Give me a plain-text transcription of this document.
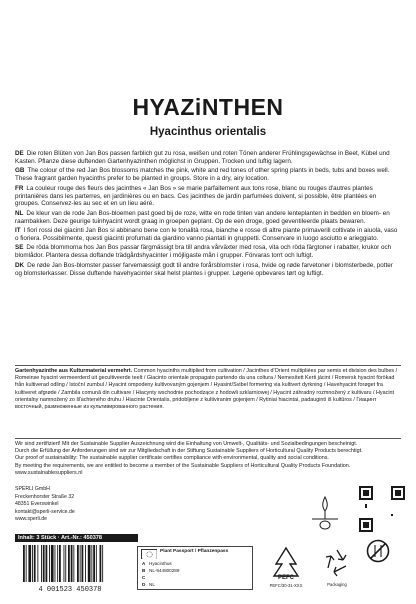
HYAZiNTHEN
Hyacinthus orientalis

DE Die roten Blüten von Jan Bos passen farblich gut zu rosa, weißen und roten Tönen anderer Frühlingsgewächse in Beet, Kübel und Kasten. Pflanze diese duftenden Gartenhyazinthen möglichst in Gruppen. Trocken und luftig lagern.

GB The colour of the red Jan Bos blossoms matches the pink, white and red tones of other spring plants in beds, tubs and boxes well. These fragrant garden hyacinths prefer to be planted in groups. Store in a dry, airy location.

FR La couleur rouge des fleurs des jacinthes « Jan Bos » se marie parfaitement aux tons rose, blanc ou rouges d'autres plantes printanières dans les parterres, en jardinières ou en bacs. Ces jacinthes de jardin parfumées doivent, si possible, être plantées en groupes. Conservez-les au sec et en un lieu aéré.

NL De kleur van de rode Jan Bos-bloemen past goed bij de roze, witte en rode tinten van andere lenteplanten in bedden en bloem- en raambakken. Deze geurige tuinhyacint wordt graag in groepen geplant. Op de een droge, goed geventileerde plaats bewaren.

IT I fiori rossi dei giacinti Jan Bos si abbinano bene con le tonalità rosa, bianche e rosse di altre piante primaverili coltivate in aiuola, vaso o fioriera. Possibilmente, questi giacinti profumati da giardino vanno piantati in gruppetti. Conservare in luogo asciutto e arieggiato.

SE De röda blommorna hos Jan Bos passar färgmässigt bra till andra vårväxter med rosa, vita och röda färgtoner i rabatter, krukor och blomlådor. Plantera dessa doftande trädgårdshyacinter i möjligaste mån i grupper. Förvaras torrt och luftigt.

DK De røde Jan Bos-blomster passer farvemæssigt godt til andre forårsblomster i rosa, hvide og røde farvetoner i blomsterbede, potter og blomsterkasser. Disse duftende havehyacinter skal helst plantes i grupper. Løgene opbevares tørt og luftigt.

Gartenhyazinthe aus Kulturmaterial vermehrt. Common hyacinths multiplied from cultivation / Jacinthes d'Orient multipliées par semis et division des bulbes / Romeinse hyacint vermeerderd uit gecultiveerde teelt / Giacinto orientale propagato partendo da una coltura / Nemesített Kerti jácint / Romersk hyacint förökad från kultiverad odling / Istoční zumbul / Hyacint ompodeny kultivovaným gojenjem / Hyasint/Svibel formering via kultivert dyrkning / Havehyacint forøget fra kultiveret afgrøde / Zambila comună din cultivare / Hiacynty wschodnie pochodzące z hodowli szklarniowej / Hyacint záhradný rozmnožený z kultivaru / Hyacint orientalny namnožený zo šľachteného druhu / Hiacinte Orientalis, pridobljene z kultiviranim gojenjem / Rytiniai hiacintai, padauginti iš kultūros / Гиацинт восточный, размноженные из культивированного растения.
Wir sind zertifiziert! Mit der Sustainable Supplier Auszeichnung wird die Einhaltung von Umwelt-, Qualitäts- und Sozialbedingungen bescheinigt.
Durch die Erfüllung der Anforderungen sind wir zur Mitgliedschaft in der Stiftung Sustainable Suppliers of Horticultural Quality Products berechtigt.
Our proof of sustainability: The sustainable supplier certificate certifies compliance with environmental, quality and social conditions.
By meeting the requirements, we are entitled to become a member of the Sustainable Suppliers of Horticultural Quality Products Foundation.
www.sustainablesuppliers.nl
SPERLI GmbH
Freckenhorster Straße 32
48351 Everswinkel
kontakt@sperli-service.de
www.sperli.de
Inhalt: 3 Stück · Art.-Nr.: 450378
4 001523 450378
Plant Passport / Pflanzenpass
A Hyacinthus
B NL-944800289
C
D NL
PEFC
PEFC/30-31-XXX	Packaging
